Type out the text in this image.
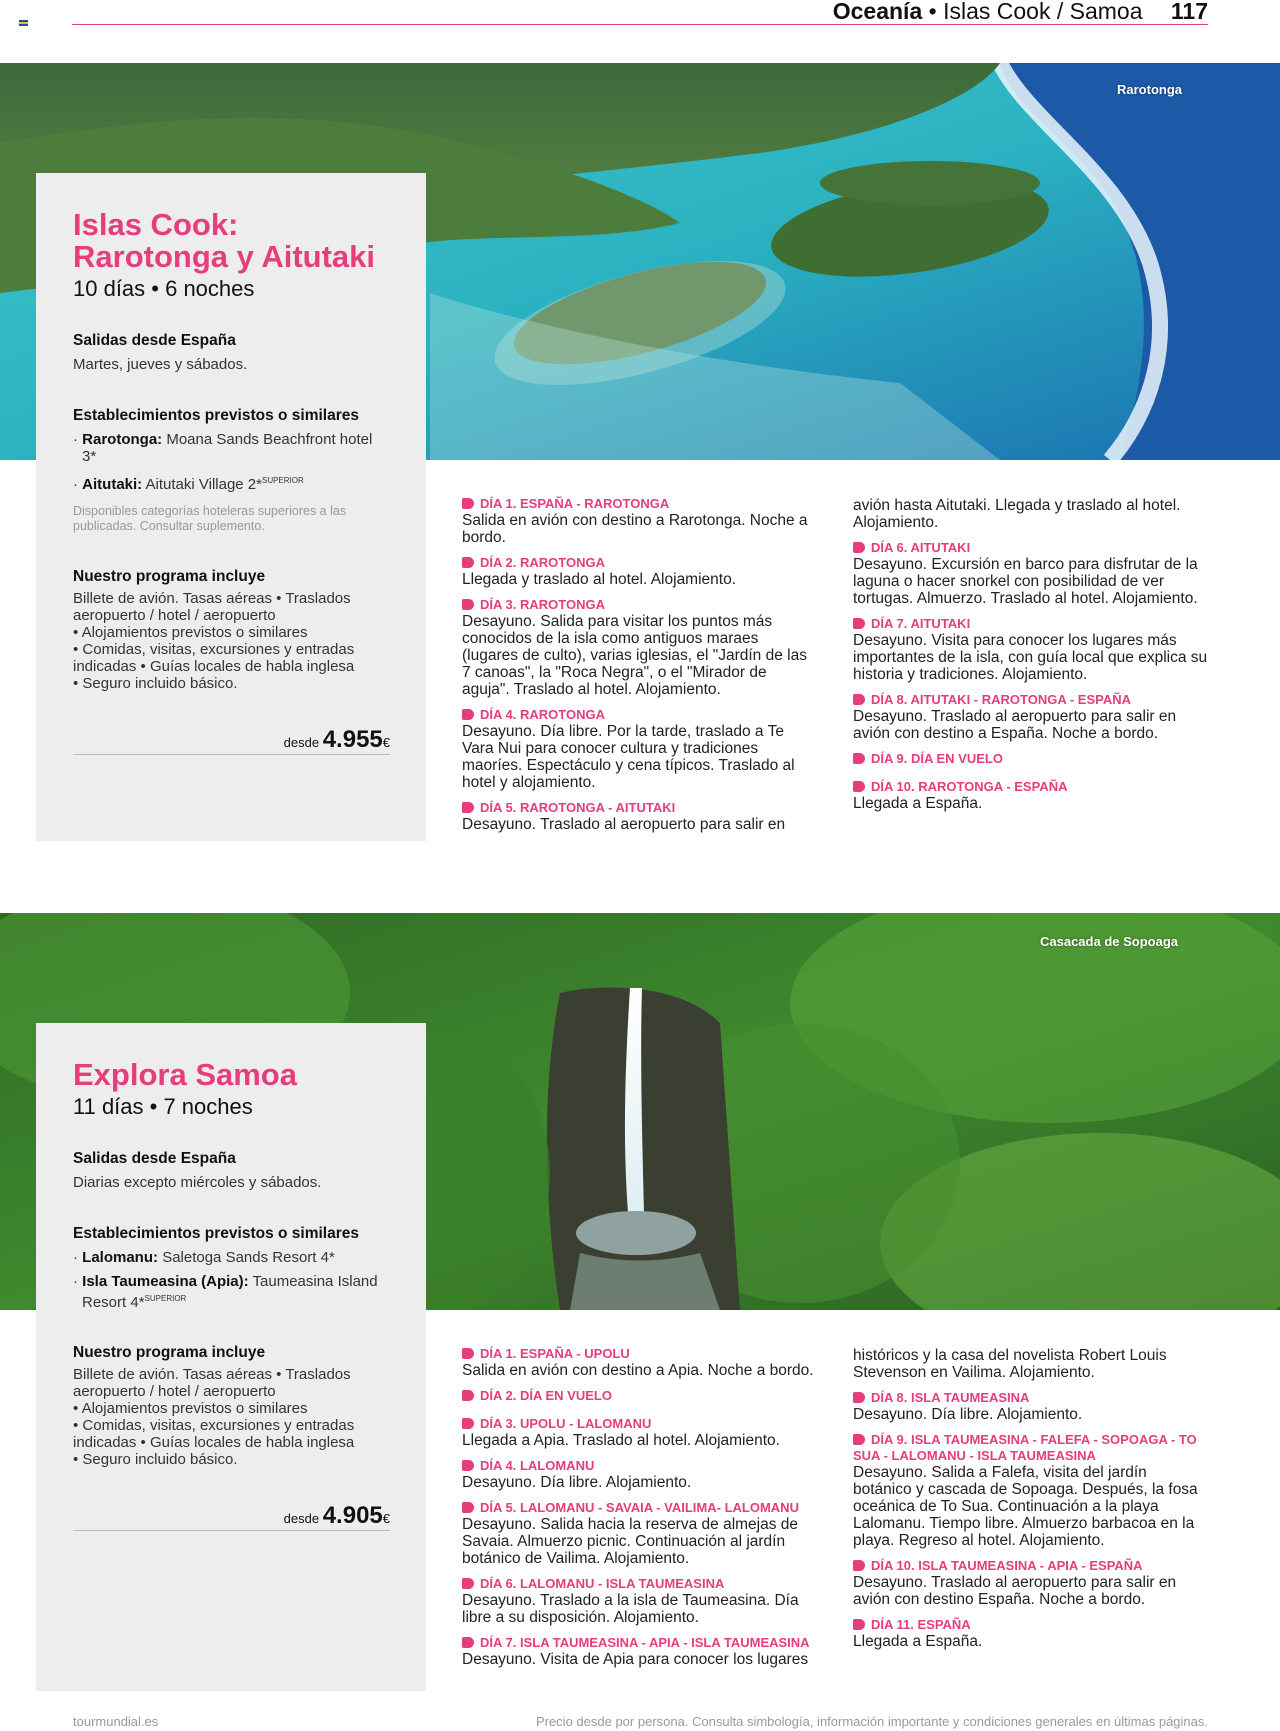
Oceanía • Islas Cook / Samoa 117
Rarotonga
Islas Cook:
Rarotonga y Aitutaki
10 días • 6 noches
Salidas desde España
Martes, jueves y sábados.
Establecimientos previstos o similares
· Rarotonga: Moana Sands Beachfront hotel 3*
· Aitutaki: Aitutaki Village 2*$^{SUPERIOR}$
Disponibles categorías hoteleras superiores a las publicadas. Consultar suplemento.
Nuestro programa incluye
Billete de avión. Tasas aéreas • Traslados aeropuerto / hotel / aeropuerto
• Alojamientos previstos o similares
• Comidas, visitas, excursiones y entradas indicadas • Guías locales de habla inglesa
• Seguro incluido básico.
desde 4.955€
DÍA 1. ESPAÑA - RAROTONGA
Salida en avión con destino a Rarotonga. Noche a bordo.
DÍA 2. RAROTONGA
Llegada y traslado al hotel. Alojamiento.
DÍA 3. RAROTONGA
Desayuno. Salida para visitar los puntos más conocidos de la isla como antiguos maraes (lugares de culto), varias iglesias, el "Jardín de las 7 canoas", la "Roca Negra", o el "Mirador de aguja". Traslado al hotel. Alojamiento.
DÍA 4. RAROTONGA
Desayuno. Día libre. Por la tarde, traslado a Te Vara Nui para conocer cultura y tradiciones maoríes. Espectáculo y cena típicos. Traslado al hotel y alojamiento.
DÍA 5. RAROTONGA - AITUTAKI
Desayuno. Traslado al aeropuerto para salir en
avión hasta Aitutaki. Llegada y traslado al hotel. Alojamiento.
DÍA 6. AITUTAKI
Desayuno. Excursión en barco para disfrutar de la laguna o hacer snorkel con posibilidad de ver tortugas. Almuerzo. Traslado al hotel. Alojamiento.
DÍA 7. AITUTAKI
Desayuno. Visita para conocer los lugares más importantes de la isla, con guía local que explica su historia y tradiciones. Alojamiento.
DÍA 8. AITUTAKI - RAROTONGA - ESPAÑA
Desayuno. Traslado al aeropuerto para salir en avión con destino a España. Noche a bordo.
DÍA 9. DÍA EN VUELO
DÍA 10. RAROTONGA - ESPAÑA
Llegada a España.
Casacada de Sopoaga
Explora Samoa
11 días • 7 noches
Salidas desde España
Diarias excepto miércoles y sábados.
Establecimientos previstos o similares
· Lalomanu: Saletoga Sands Resort 4*
· Isla Taumeasina (Apia): Taumeasina Island Resort 4*$^{SUPERIOR}$
Nuestro programa incluye
Billete de avión. Tasas aéreas • Traslados aeropuerto / hotel / aeropuerto
• Alojamientos previstos o similares
• Comidas, visitas, excursiones y entradas indicadas • Guías locales de habla inglesa
• Seguro incluido básico.
desde 4.905€
DÍA 1. ESPAÑA - UPOLU
Salida en avión con destino a Apia. Noche a bordo.
DÍA 2. DÍA EN VUELO
DÍA 3. UPOLU - LALOMANU
Llegada a Apia. Traslado al hotel. Alojamiento.
DÍA 4. LALOMANU
Desayuno. Día libre. Alojamiento.
DÍA 5. LALOMANU - SAVAIA - VAILIMA- LALOMANU
Desayuno. Salida hacia la reserva de almejas de Savaia. Almuerzo picnic. Continuación al jardín botánico de Vailima. Alojamiento.
DÍA 6. LALOMANU - ISLA TAUMEASINA
Desayuno. Traslado a la isla de Taumeasina. Día libre a su disposición. Alojamiento.
DÍA 7. ISLA TAUMEASINA - APIA - ISLA TAUMEASINA
Desayuno. Visita de Apia para conocer los lugares
históricos y la casa del novelista Robert Louis Stevenson en Vailima. Alojamiento.
DÍA 8. ISLA TAUMEASINA
Desayuno. Día libre. Alojamiento.
DÍA 9. ISLA TAUMEASINA - FALEFA - SOPOAGA - TO SUA - LALOMANU - ISLA TAUMEASINA
Desayuno. Salida a Falefa, visita del jardín botánico y cascada de Sopoaga. Después, la fosa oceánica de To Sua. Continuación a la playa Lalomanu. Tiempo libre. Almuerzo barbacoa en la playa. Regreso al hotel. Alojamiento.
DÍA 10. ISLA TAUMEASINA - APIA - ESPAÑA
Desayuno. Traslado al aeropuerto para salir en avión con destino España. Noche a bordo.
DÍA 11. ESPAÑA
Llegada a España.
tourmundial.es	Precio desde por persona. Consulta simbología, información importante y condiciones generales en últimas páginas.
